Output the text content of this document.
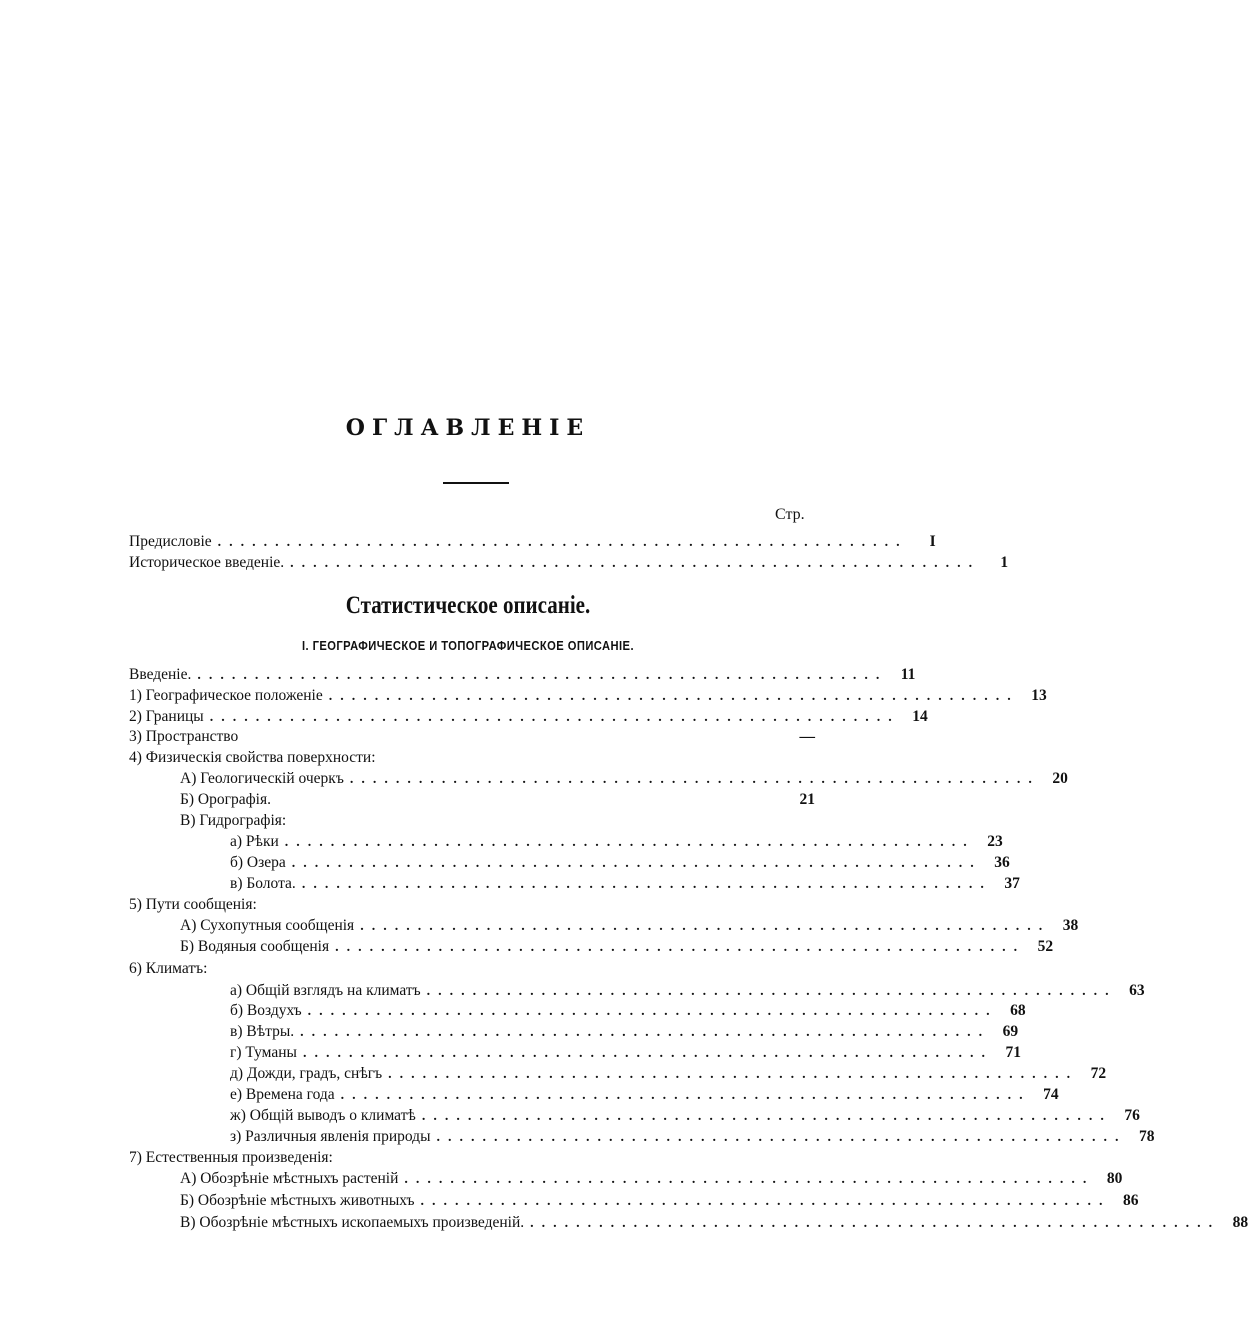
ОГЛАВЛЕНІЕ
Стр.
Предисловіе ............................................................	I
Историческое введеніе. ............................................................	1
Статистическое описаніе.
I. ГЕОГРАФИЧЕСКОЕ И ТОПОГРАФИЧЕСКОЕ ОПИСАНІЕ.
Введеніе. ............................................................ 11
1) Географическое положеніе ............................................................ 13
2) Границы ............................................................ 14
3) Пространство	—
4) Физическія свойства поверхности:
А) Геологическій очеркъ ............................................................ 20
Б) Орографія.	21
В) Гидрографія:
а) Рѣки ............................................................ 23
б) Озера ............................................................ 36
в) Болота. ............................................................ 37
5) Пути сообщенія:
А) Сухопутныя сообщенія ............................................................ 38
Б) Водяныя сообщенія ............................................................ 52
6) Климатъ:
а) Общій взглядъ на климатъ ............................................................ 63
б) Воздухъ ............................................................ 68
в) Вѣтры. ............................................................ 69
г) Туманы ............................................................ 71
д) Дожди, градъ, снѣгъ ............................................................ 72
е) Времена года ............................................................ 74
ж) Общій выводъ о климатѣ ............................................................ 76
з) Различныя явленія природы ............................................................ 78
7) Естественныя произведенія:
А) Обозрѣніе мѣстныхъ растеній ............................................................ 80
Б) Обозрѣніе мѣстныхъ животныхъ ............................................................ 86
В) Обозрѣніе мѣстныхъ ископаемыхъ произведеній. ............................................................ 88
